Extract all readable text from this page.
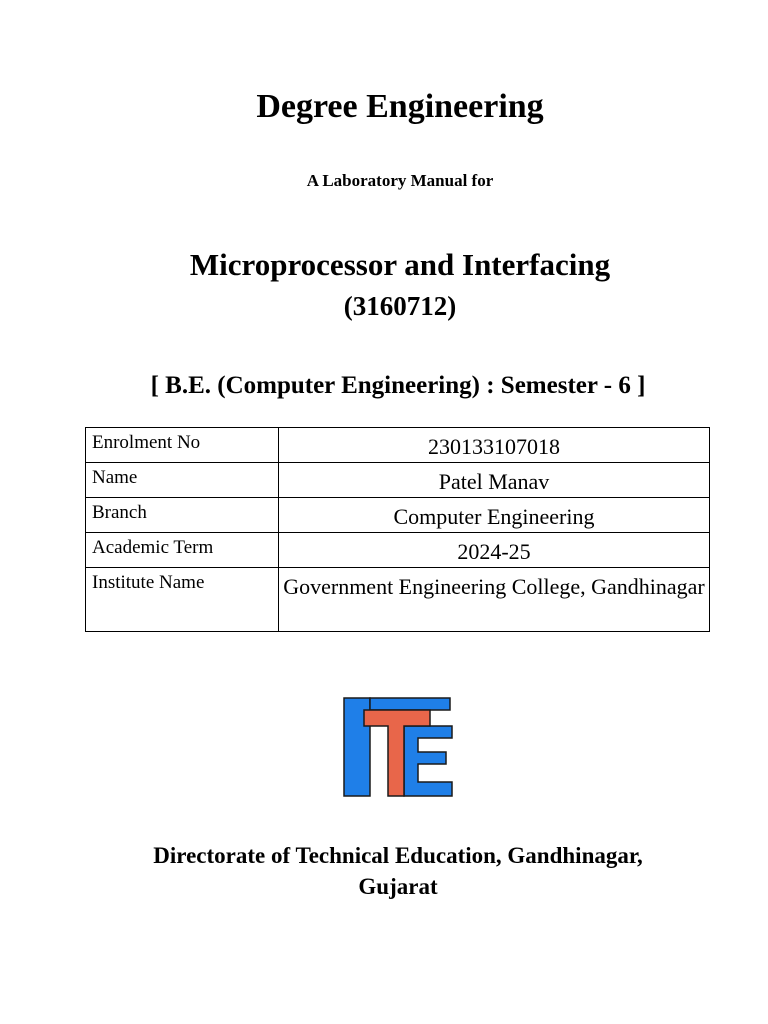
Degree Engineering
A Laboratory Manual for
Microprocessor and Interfacing
(3160712)
[ B.E. (Computer Engineering) : Semester - 6 ]
Enrolment No	230133107018
Name	Patel Manav
Branch	Computer Engineering
Academic Term	2024-25
Institute Name	Government Engineering College, Gandhinagar
Directorate of Technical Education, Gandhinagar,
Gujarat
